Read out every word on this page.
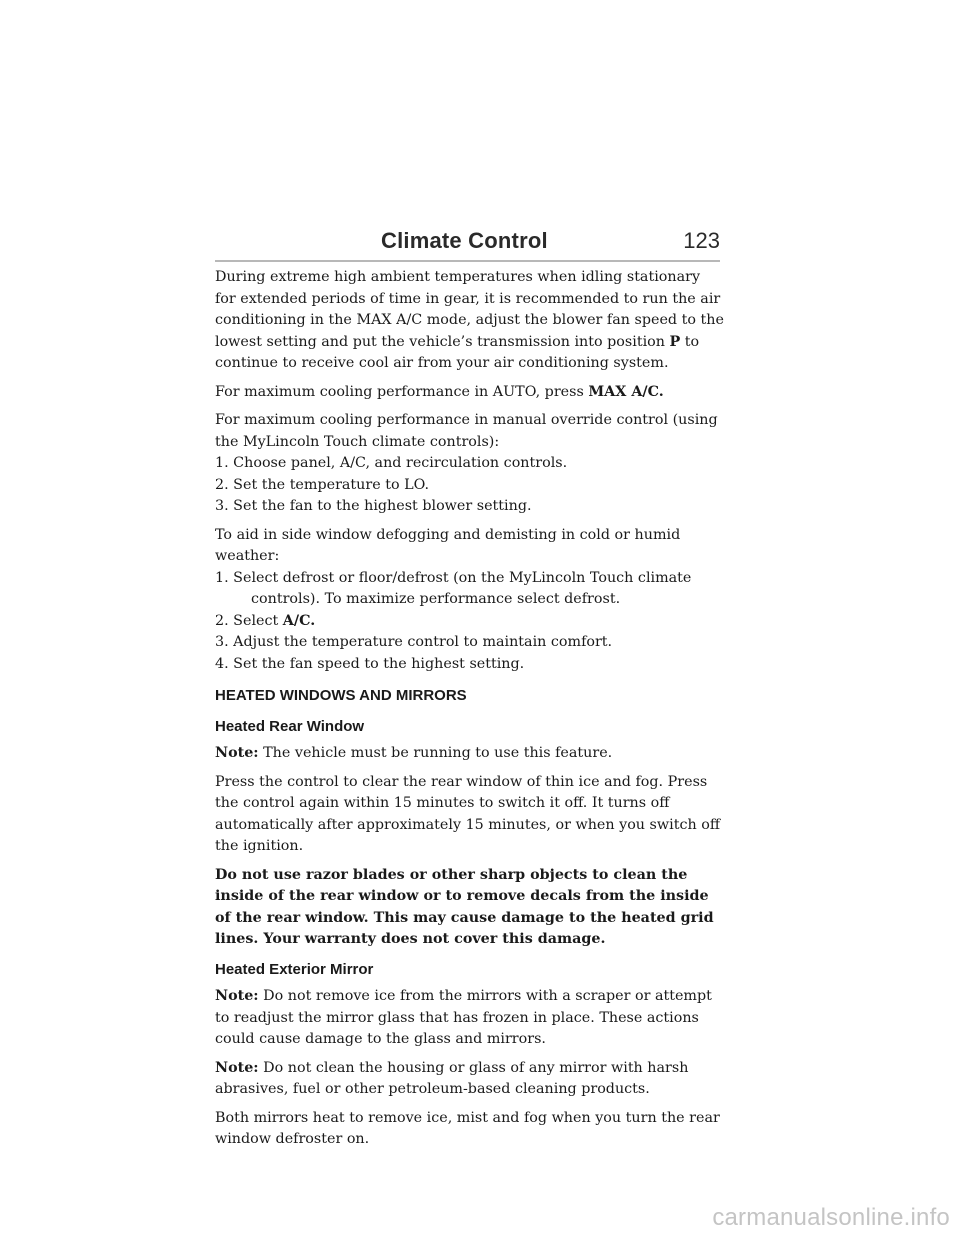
Climate Control	123

During extreme high ambient temperatures when idling stationary for extended periods of time in gear, it is recommended to run the air conditioning in the MAX A/C mode, adjust the blower fan speed to the lowest setting and put the vehicle’s transmission into position P to continue to receive cool air from your air conditioning system.

For maximum cooling performance in AUTO, press MAX A/C.

For maximum cooling performance in manual override control (using the MyLincoln Touch climate controls):

1. Choose panel, A/C, and recirculation controls.
2. Set the temperature to LO.
3. Set the fan to the highest blower setting.

To aid in side window defogging and demisting in cold or humid weather:

1. Select defrost or floor/defrost (on the MyLincoln Touch climate controls). To maximize performance select defrost.
2. Select A/C.
3. Adjust the temperature control to maintain comfort.
4. Set the fan speed to the highest setting.
HEATED WINDOWS AND MIRRORS
Heated Rear Window

Note: The vehicle must be running to use this feature.

Press the control to clear the rear window of thin ice and fog. Press the control again within 15 minutes to switch it off. It turns off automatically after approximately 15 minutes, or when you switch off the ignition.

Do not use razor blades or other sharp objects to clean the inside of the rear window or to remove decals from the inside of the rear window. This may cause damage to the heated grid lines. Your warranty does not cover this damage.

Heated Exterior Mirror

Note: Do not remove ice from the mirrors with a scraper or attempt to readjust the mirror glass that has frozen in place. These actions could cause damage to the glass and mirrors.

Note: Do not clean the housing or glass of any mirror with harsh abrasives, fuel or other petroleum-based cleaning products.

Both mirrors heat to remove ice, mist and fog when you turn the rear window defroster on.

carmanualsonline.info
